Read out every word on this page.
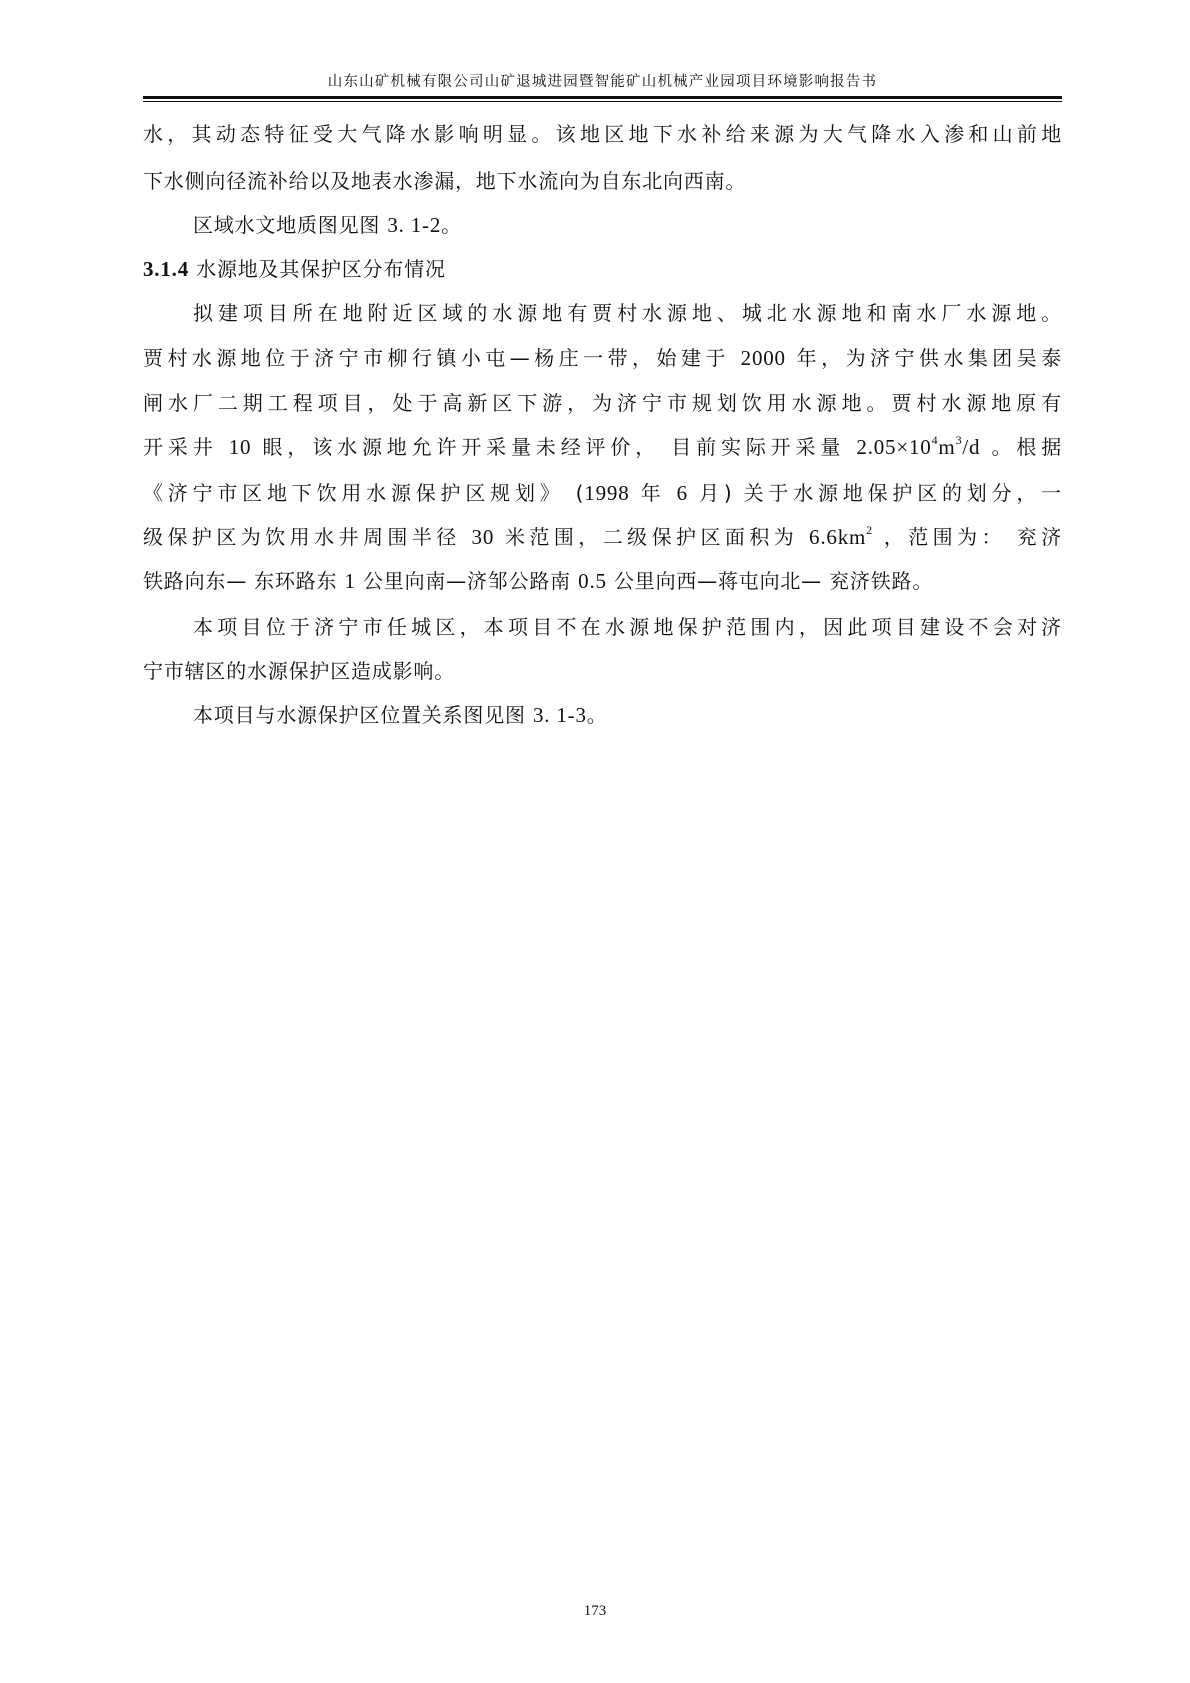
山东山矿机械有限公司山矿退城进园暨智能矿山机械产业园项目环境影响报告书
水，其动态特征受大气降水影响明显。该地区地下水补给来源为大气降水入渗和山前地
下水侧向径流补给以及地表水渗漏，地下水流向为自东北向西南。
区域水文地质图见图 3. 1-2。
3.1.4 水源地及其保护区分布情况
拟建项目所在地附近区域的水源地有贾村水源地、城北水源地和南水厂水源地。
贾村水源地位于济宁市柳行镇小屯—杨庄一带，始建于 2000 年，为济宁供水集团吴泰
闸水厂二期工程项目，处于高新区下游，为济宁市规划饮用水源地。贾村水源地原有
开采井 10 眼，该水源地允许开采量未经评价， 目前实际开采量 $2.05\times 10^4m^3/d$ 。根据
《济宁市区地下饮用水源保护区规划》 (1998 年 6 月) 关于水源地保护区的划分，一
级保护区为饮用水井周围半径 30 米范围，二级保护区面积为 $6.6km^2$ ，范围为： 兖济
铁路向东— 东环路东 1 公里向南—济邹公路南 0.5 公里向西—蒋屯向北— 兖济铁路。
本项目位于济宁市任城区，本项目不在水源地保护范围内，因此项目建设不会对济
宁市辖区的水源保护区造成影响。
本项目与水源保护区位置关系图见图 3. 1-3。
173
